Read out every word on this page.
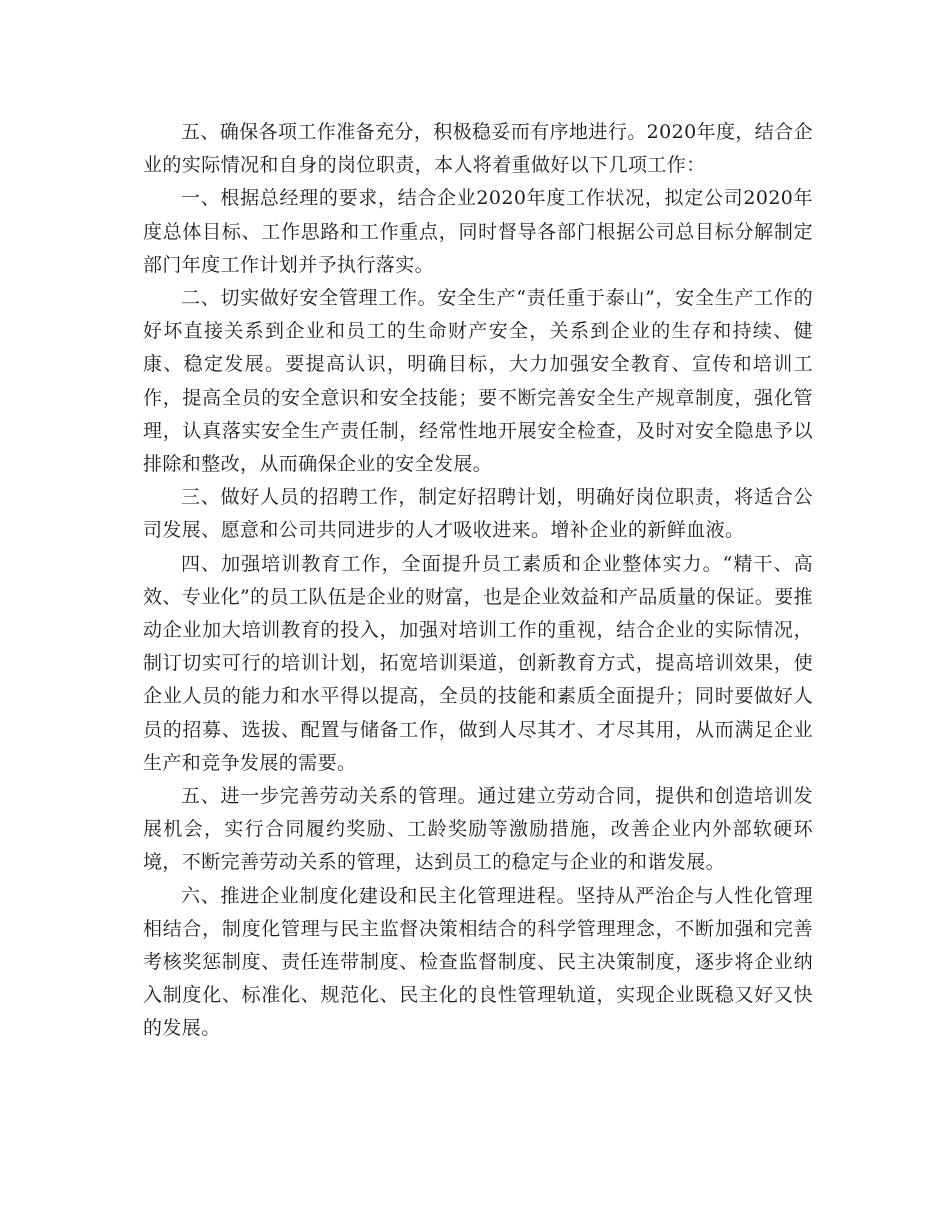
五、确保各项工作准备充分，积极稳妥而有序地进行。2020年度，结合企业的实际情况和自身的岗位职责，本人将着重做好以下几项工作：

一、根据总经理的要求，结合企业2020年度工作状况，拟定公司2020年度总体目标、工作思路和工作重点，同时督导各部门根据公司总目标分解制定部门年度工作计划并予执行落实。

二、切实做好安全管理工作。安全生产“责任重于泰山”，安全生产工作的好坏直接关系到企业和员工的生命财产安全，关系到企业的生存和持续、健康、稳定发展。要提高认识，明确目标，大力加强安全教育、宣传和培训工作，提高全员的安全意识和安全技能；要不断完善安全生产规章制度，强化管理，认真落实安全生产责任制，经常性地开展安全检查，及时对安全隐患予以排除和整改，从而确保企业的安全发展。

三、做好人员的招聘工作，制定好招聘计划，明确好岗位职责，将适合公司发展、愿意和公司共同进步的人才吸收进来。增补企业的新鲜血液。

四、加强培训教育工作，全面提升员工素质和企业整体实力。“精干、高效、专业化”的员工队伍是企业的财富，也是企业效益和产品质量的保证。要推动企业加大培训教育的投入，加强对培训工作的重视，结合企业的实际情况，制订切实可行的培训计划，拓宽培训渠道，创新教育方式，提高培训效果，使企业人员的能力和水平得以提高，全员的技能和素质全面提升；同时要做好人员的招募、选拔、配置与储备工作，做到人尽其才、才尽其用，从而满足企业生产和竞争发展的需要。

五、进一步完善劳动关系的管理。通过建立劳动合同，提供和创造培训发展机会，实行合同履约奖励、工龄奖励等激励措施，改善企业内外部软硬环境，不断完善劳动关系的管理，达到员工的稳定与企业的和谐发展。

六、推进企业制度化建设和民主化管理进程。坚持从严治企与人性化管理相结合，制度化管理与民主监督决策相结合的科学管理理念，不断加强和完善考核奖惩制度、责任连带制度、检查监督制度、民主决策制度，逐步将企业纳入制度化、标准化、规范化、民主化的良性管理轨道，实现企业既稳又好又快的发展。
